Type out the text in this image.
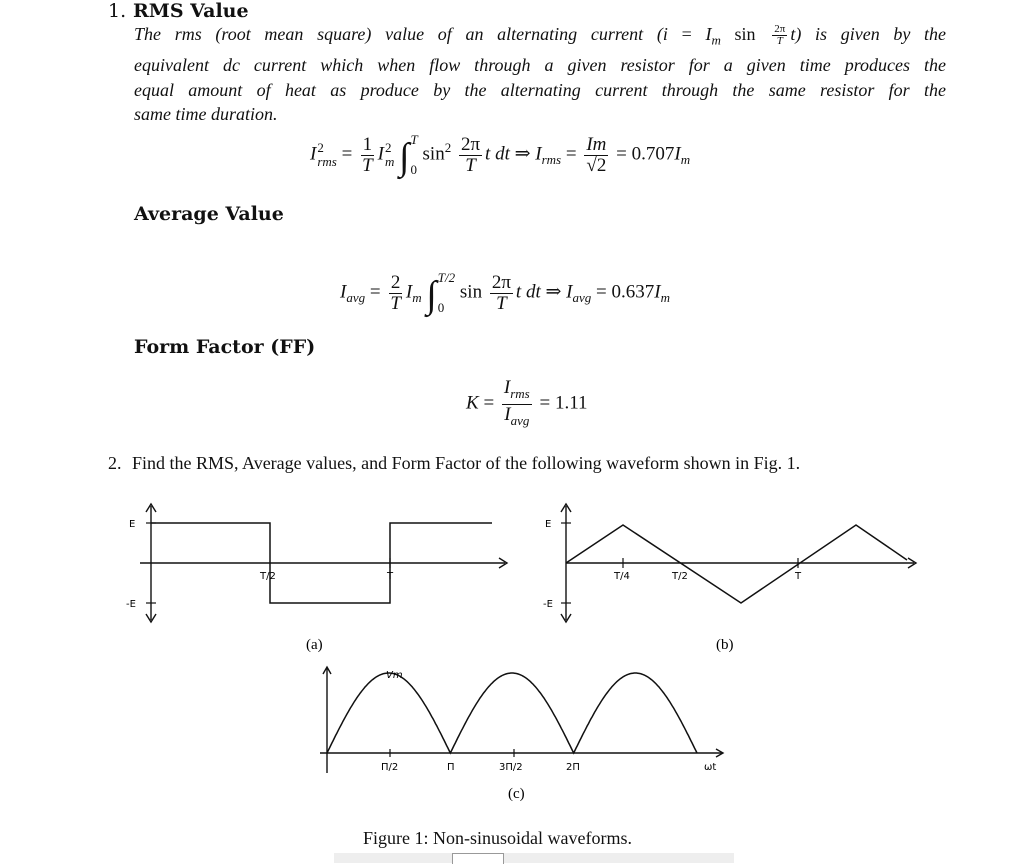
1. RMS Value
The rms (root mean square) value of an alternating current ($i = I_m$ $\sin \frac{2\pi}{T} t$) is given by the
equivalent dc current which when flow through a given resistor for a given time produces the
equal amount of heat as produce by the alternating current through the same resistor for the
same time duration.
I 2
rms = $\frac{1}{T}$ I 2
m ∫ T
0
$\sin^2 \frac{2\pi}{T}$ t dt ⇒ $I_{rms} = \frac{Im}{√2} = 0.707I_m$
Average Value
$I_{avg} = \frac{2}{T} I_m$ ∫ T/2
0
$\sin \frac{2\pi}{T}$ t dt ⇒ $I_{avg} = 0.637I_m$
Form Factor (FF)
$K = \frac{I_{rms}}{I_{avg}} = 1.11$
2. Find the RMS, Average values, and Form Factor of the following waveform shown in Fig. 1.
E
-E
T/2	T
(a)
E
-E
T/4	T/2	T
(b)
Vm
Π/2	Π	3Π/2	2Π	ωt
(c)
Figure 1: Non-sinusoidal waveforms.
